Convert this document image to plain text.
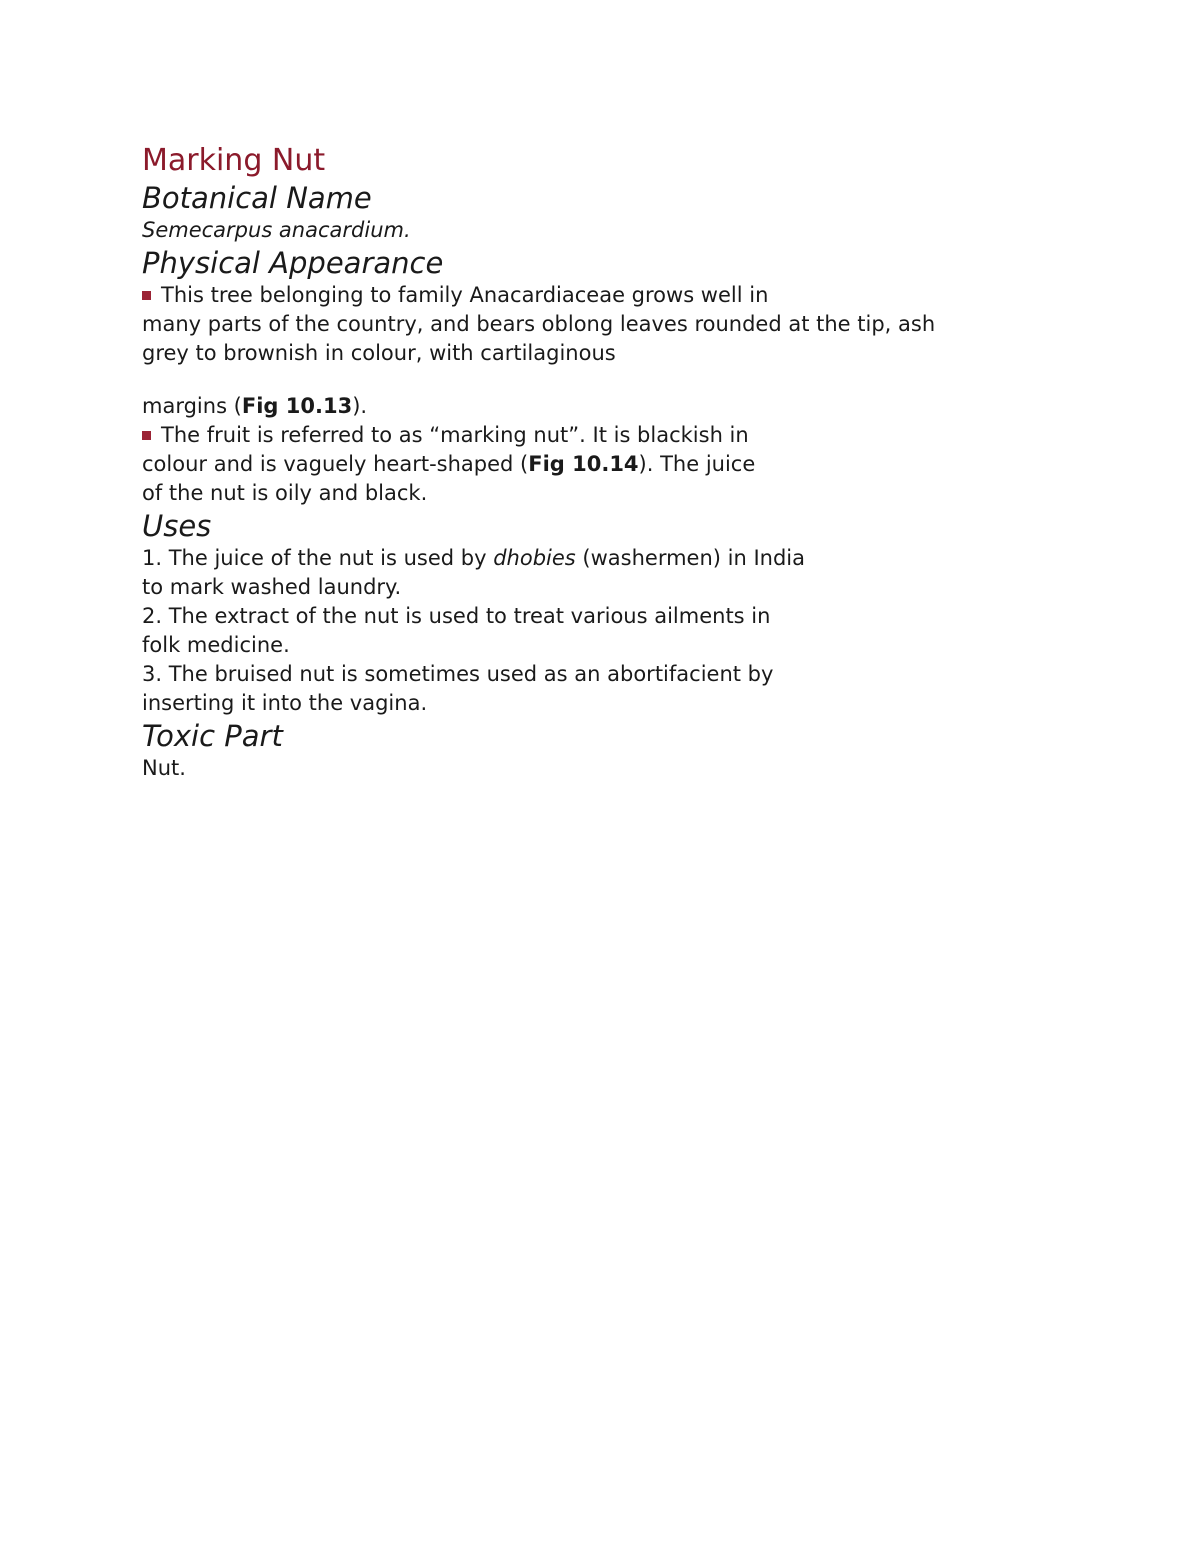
Marking Nut
Botanical Name

Semecarpus anacardium.

Physical Appearance

This tree belonging to family Anacardiaceae grows well in

many parts of the country, and bears oblong leaves rounded at the tip, ash

grey to brownish in colour, with cartilaginous

margins (Fig 10.13).

The fruit is referred to as “marking nut”. It is blackish in

colour and is vaguely heart-shaped (Fig 10.14). The juice

of the nut is oily and black.

Uses

1. The juice of the nut is used by dhobies (washermen) in India

to mark washed laundry.

2. The extract of the nut is used to treat various ailments in

folk medicine.

3. The bruised nut is sometimes used as an abortifacient by

inserting it into the vagina.

Toxic Part

Nut.
